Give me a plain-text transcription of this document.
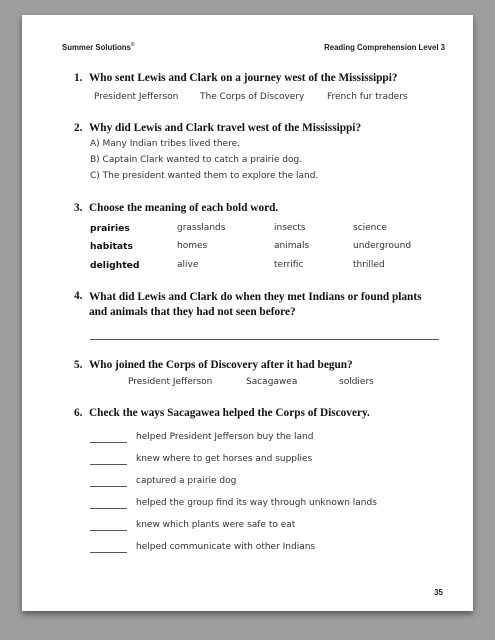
Summer Solutions©	Reading Comprehension Level 3
1. Who sent Lewis and Clark on a journey west of the Mississippi?
President Jefferson The Corps of Discovery	French fur traders
2. Why did Lewis and Clark travel west of the Mississippi?
A) Many Indian tribes lived there.
B) Captain Clark wanted to catch a prairie dog.
C) The president wanted them to explore the land.
3. Choose the meaning of each bold word.
prairies	grasslands	insects	science
habitats	homes	animals	underground
delighted	alive	terrific	thrilled
4. What did Lewis and Clark do when they met Indians or found plants and animals that they had not seen before?
5. Who joined the Corps of Discovery after it had begun?
President Jefferson	Sacagawea	soldiers
6. Check the ways Sacagawea helped the Corps of Discovery.
helped President Jefferson buy the land
knew where to get horses and supplies
captured a prairie dog
helped the group find its way through unknown lands
knew which plants were safe to eat
helped communicate with other Indians
35
